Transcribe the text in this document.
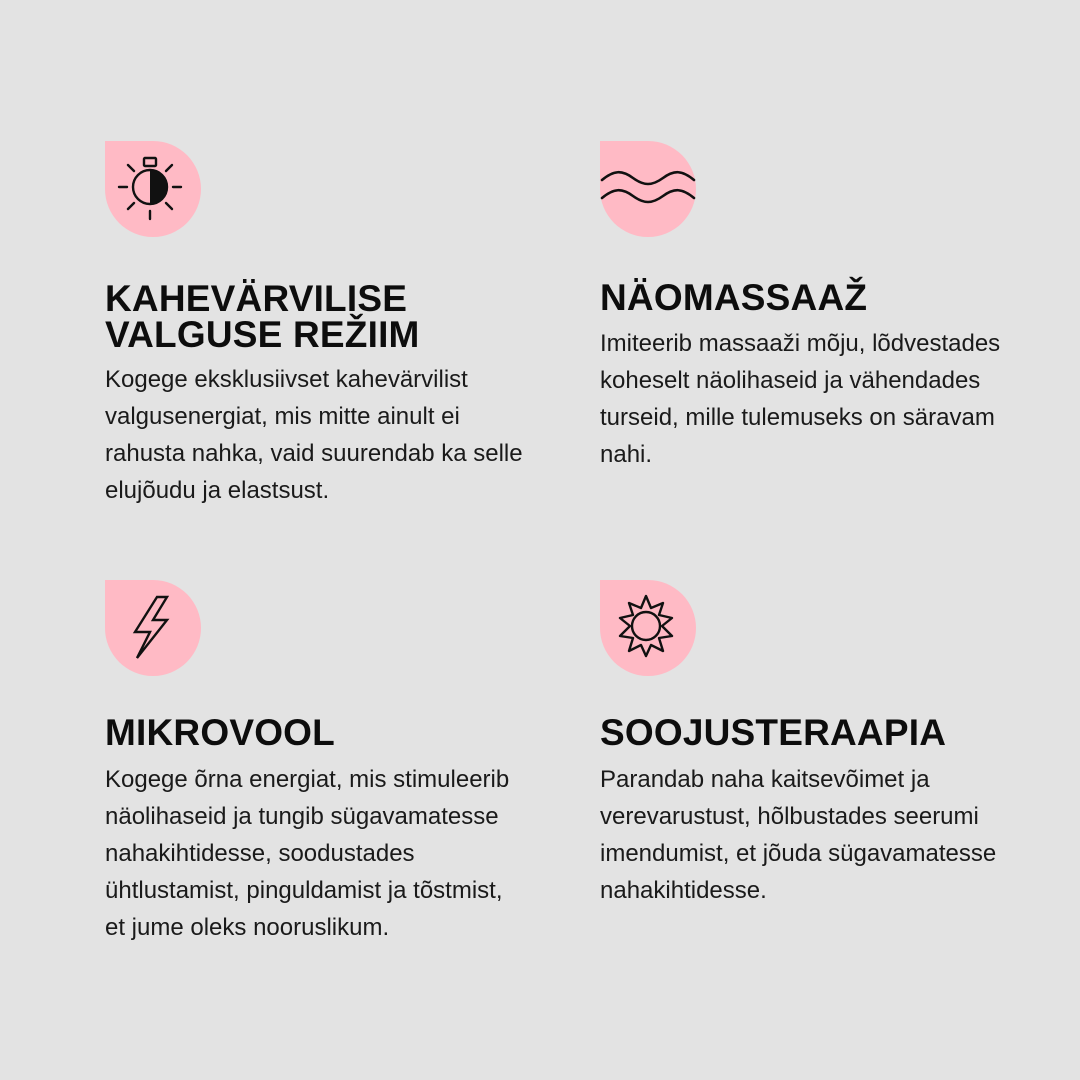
KAHEVÄRVILISE
VALGUSE REŽIIM

Kogege eksklusiivset kahevärvilist valgusenergiat, mis mitte ainult ei rahusta nahka, vaid suurendab ka selle elujõudu ja elastsust.

NÄOMASSAAŽ

Imiteerib massaaži mõju, lõdvestades koheselt näolihaseid ja vähendades turseid, mille tulemuseks on säravam nahi.

MIKROVOOL

Kogege õrna energiat, mis stimuleerib näolihaseid ja tungib sügavamatesse nahakihtidesse, soodustades ühtlustamist, pinguldamist ja tõstmist, et jume oleks nooruslikum.

SOOJUSTERAAPIA

Parandab naha kaitsevõimet ja verevarustust, hõlbustades seerumi imendumist, et jõuda sügavamatesse nahakihtidesse.
